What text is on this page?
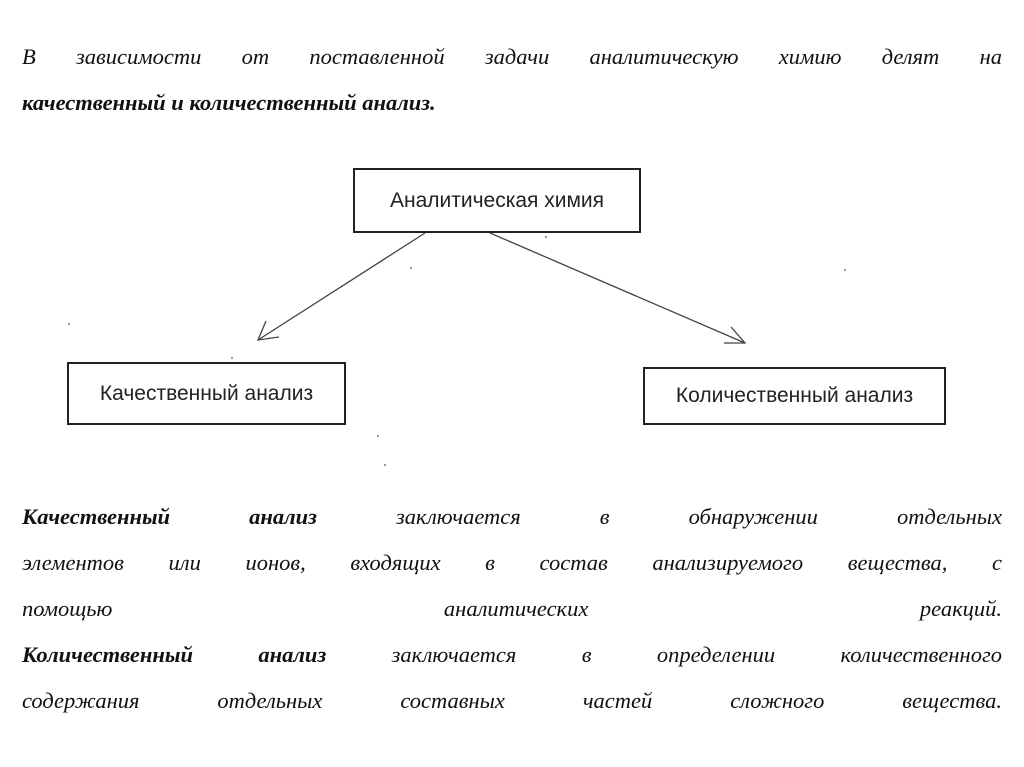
В зависимости от поставленной задачи аналитическую химию делят на
качественный и количественный анализ.
Аналитическая химия
Качественный анализ	Количественный анализ
Качественный	анализ	заключается	в	обнаружении	отдельных
элементов или ионов, входящих в состав анализируемого вещества, с
помощью	аналитических	реакций.
Количественный	анализ	заключается	в	определении	количественного
содержания	отдельных	составных	частей	сложного	вещества.
